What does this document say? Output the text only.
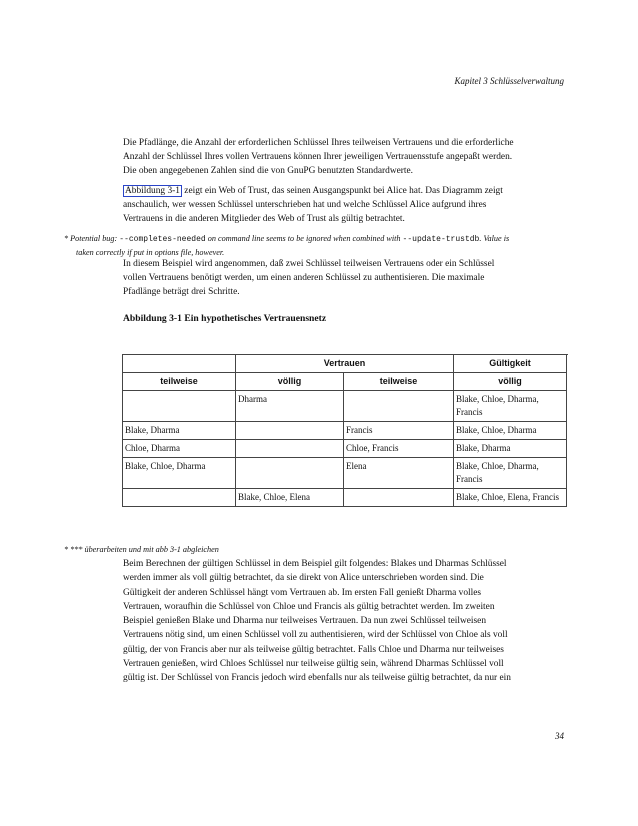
Kapitel 3 Schlüsselverwaltung
Die Pfadlänge, die Anzahl der erforderlichen Schlüssel Ihres teilweisen Vertrauens und die erforderliche
Anzahl der Schlüssel Ihres vollen Vertrauens können Ihrer jeweiligen Vertrauensstufe angepaßt werden.
Die oben angegebenen Zahlen sind die von GnuPG benutzten Standardwerte.
Abbildung 3-1 zeigt ein Web of Trust, das seinen Ausgangspunkt bei Alice hat. Das Diagramm zeigt
anschaulich, wer wessen Schlüssel unterschrieben hat und welche Schlüssel Alice aufgrund ihres
Vertrauens in die anderen Mitglieder des Web of Trust als gültig betrachtet.
* Potential bug: --completes-needed on command line seems to be ignored when combined with --update-trustdb. Value is
taken correctly if put in options file, however.
In diesem Beispiel wird angenommen, daß zwei Schlüssel teilweisen Vertrauens oder ein Schlüssel
vollen Vertrauens benötigt werden, um einen anderen Schlüssel zu authentisieren. Die maximale
Pfadlänge beträgt drei Schritte.
Abbildung 3-1 Ein hypothetisches Vertrauensnetz
	Vertrauen		Gültigkeit
teilweise	völlig	teilweise	völlig
	Dharma		Blake, Chloe, Dharma, Francis
Blake, Dharma		Francis	Blake, Chloe, Dharma
Chloe, Dharma		Chloe, Francis	Blake, Dharma
Blake, Chloe, Dharma		Elena	Blake, Chloe, Dharma, Francis
	Blake, Chloe, Elena		Blake, Chloe, Elena, Francis
* *** überarbeiten und mit abb 3-1 abgleichen
Beim Berechnen der gültigen Schlüssel in dem Beispiel gilt folgendes: Blakes und Dharmas Schlüssel
werden immer als voll gültig betrachtet, da sie direkt von Alice unterschrieben worden sind. Die
Gültigkeit der anderen Schlüssel hängt vom Vertrauen ab. Im ersten Fall genießt Dharma volles
Vertrauen, woraufhin die Schlüssel von Chloe und Francis als gültig betrachtet werden. Im zweiten
Beispiel genießen Blake und Dharma nur teilweises Vertrauen. Da nun zwei Schlüssel teilweisen
Vertrauens nötig sind, um einen Schlüssel voll zu authentisieren, wird der Schlüssel von Chloe als voll
gültig, der von Francis aber nur als teilweise gültig betrachtet. Falls Chloe und Dharma nur teilweises
Vertrauen genießen, wird Chloes Schlüssel nur teilweise gültig sein, während Dharmas Schlüssel voll
gültig ist. Der Schlüssel von Francis jedoch wird ebenfalls nur als teilweise gültig betrachtet, da nur ein
34
